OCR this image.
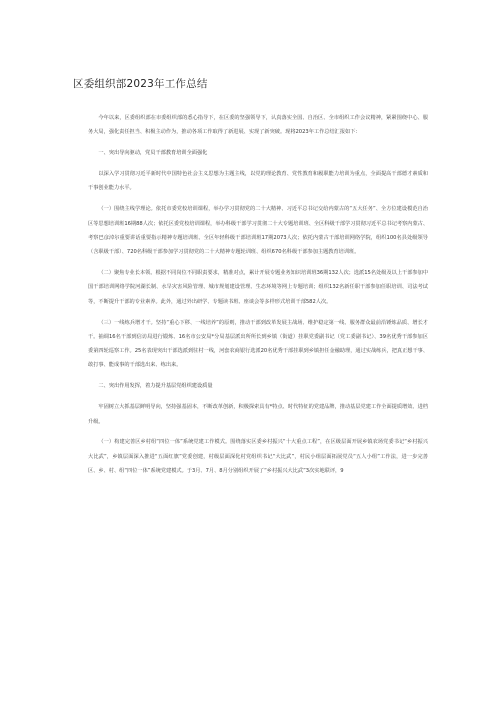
区委组织部2023年工作总结

今年以来，区委组织部在市委组织部的悉心指导下，在区委的坚强领导下，认真落实全国、自治区、全市组织工作会议精神，紧紧围绕中心、服务大局，强化责任担当、积极主动作为，推动各项工作取得了新进展、实现了新突破。现将2023年工作总结汇报如下：

一、突出导向驱动，党员干部教育培训全面强化

以深入学习贯彻习近平新时代中国特色社会主义思想为主题主线，以党的理论教育、党性教育和履职能力培训为重点，全面提高干部德才素质和干事创业能力水平。

（一）围绕主线学理论。依托市委党校培训课程，举办学习贯彻党的二十大精神、习近平总书记交给内蒙古的“五大任务”、全方位建设模范自治区等思想培训班16期88人次；依托区委党校培训课程，举办科级干部学习贯彻二十大专题培训班、全区科级干部学习贯彻习近平总书记考察内蒙古、考察巴彦淖尔重要讲话重要指示精神专题培训班、全区年轻科级干部培训班17期2073人次；依托内蒙古干部培训网络学院，组织100名县处级领导（含职级干部）、720名科级干部参加学习贯彻党的二十大精神专题轮训班、组织670名科级干部参加主题教育培训班。

（二）聚焦专业长本领。根据不同岗位不同职责要求，精准对点，累计开展专题业务知识培训班36期132人次；选派15名处级及以上干部参加中国干部培训网络学院河湖长制、水旱灾害风险管理、城市规划建设管理、生态环境等网上专题培训；组织132名新任职干部参加任职培训、司法考试等，不断提升干部的专业素养。此外，通过外出研学、专题读书班、座谈会等多样形式培训干部582人次。

（三）一线练兵增才干。坚持“重心下移、一线培养”的原则，推动干部到改革发展主战场、维护稳定第一线、服务群众最前沿锤炼品质、增长才干。抽调16名干部到信访局进行锻炼、16名市公安局*分局基层派出所所长到乡镇（街道）挂职党委副书记（党工委副书记）、39名优秀干部参加区委第四轮巡察工作。25名表现突出干部选派到驻村一线，河套农商银行选派20名优秀干部挂职到乡镇担任金融助理，通过实战练兵，把真正想干事、敢打事、能成事的干部选出来、练出来。

二、突出作用发挥，着力提升基层党组织建设质量

牢固树立大抓基层鲜明导向，坚持强基固本，不断改革创新，积极探索具有*特点、时代特征的党建品牌，推动基层党建工作全面提质增效、进档升级。

（一）构建完善区乡村组“四位一体”系统党建工作模式。围绕落实区委乡村振兴“十大重点工程”，在区级层面开展乡镇农场党委书记“乡村振兴大比武”，乡镇层面深入推进“五面红旗”党委创建，村级层面深化村党组织书记“大比武”，村民小组层面拓展党员“五人小组”工作法，进一步完善区、乡、村、组“四位一体”系统党建模式。于3月、7月、8月分别组织开展了“乡村振兴大比武”3次实地联评，9
